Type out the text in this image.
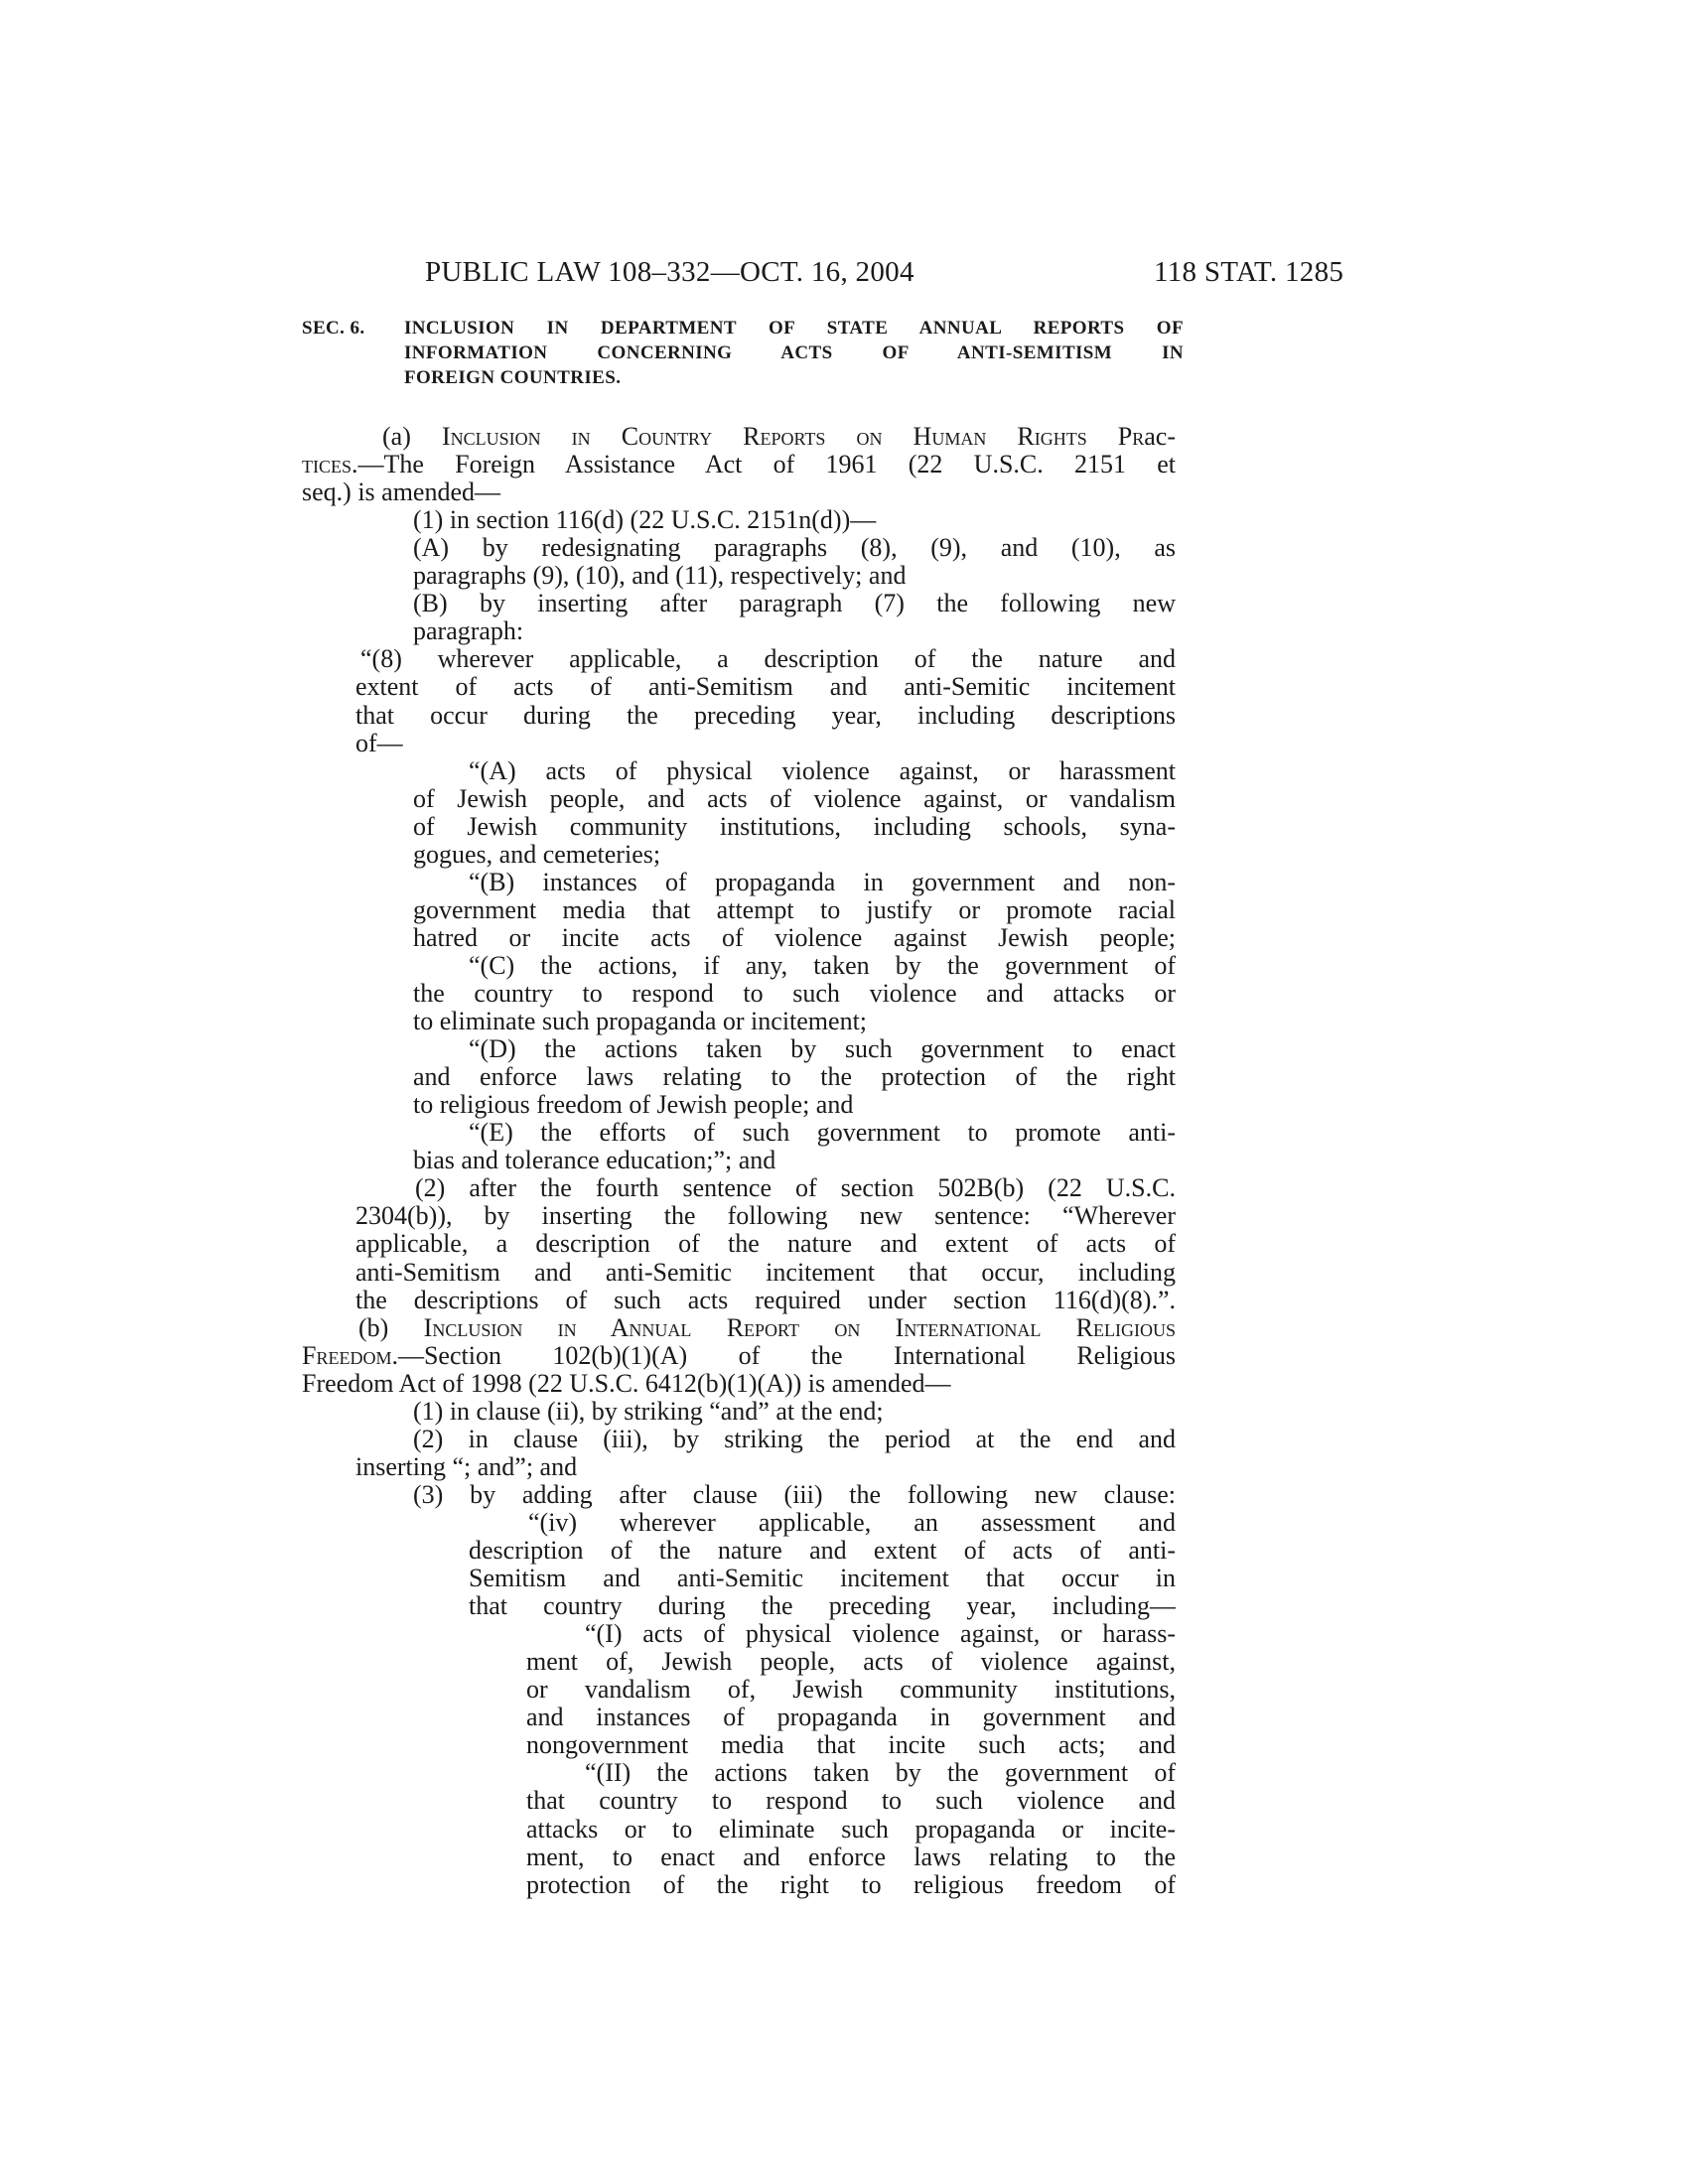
PUBLIC LAW 108–332—OCT. 16, 2004	118 STAT. 1285
SEC. 6.	INCLUSION IN DEPARTMENT OF STATE ANNUAL REPORTS OF
INFORMATION CONCERNING ACTS OF ANTI-SEMITISM IN
FOREIGN COUNTRIES.
(a) Inclusion in Country Reports on Human Rights Prac-
tices.—The Foreign Assistance Act of 1961 (22 U.S.C. 2151 et
seq.) is amended—
(1) in section 116(d) (22 U.S.C. 2151n(d))—
(A) by redesignating paragraphs (8), (9), and (10), as
paragraphs (9), (10), and (11), respectively; and
(B) by inserting after paragraph (7) the following new
paragraph:
“(8) wherever applicable, a description of the nature and
extent of acts of anti-Semitism and anti-Semitic incitement
that occur during the preceding year, including descriptions
of—
“(A) acts of physical violence against, or harassment
of Jewish people, and acts of violence against, or vandalism
of Jewish community institutions, including schools, syna-
gogues, and cemeteries;
“(B) instances of propaganda in government and non-
government media that attempt to justify or promote racial
hatred or incite acts of violence against Jewish people;
“(C) the actions, if any, taken by the government of
the country to respond to such violence and attacks or
to eliminate such propaganda or incitement;
“(D) the actions taken by such government to enact
and enforce laws relating to the protection of the right
to religious freedom of Jewish people; and
“(E) the efforts of such government to promote anti-
bias and tolerance education;”; and
(2) after the fourth sentence of section 502B(b) (22 U.S.C.
2304(b)), by inserting the following new sentence: “Wherever
applicable, a description of the nature and extent of acts of
anti-Semitism and anti-Semitic incitement that occur, including
the descriptions of such acts required under section 116(d)(8).”.
(b) Inclusion in Annual Report on International Religious
Freedom.—Section 102(b)(1)(A) of the International Religious
Freedom Act of 1998 (22 U.S.C. 6412(b)(1)(A)) is amended—
(1) in clause (ii), by striking “and” at the end;
(2) in clause (iii), by striking the period at the end and
inserting “; and”; and
(3) by adding after clause (iii) the following new clause:
“(iv) wherever applicable, an assessment and
description of the nature and extent of acts of anti-
Semitism and anti-Semitic incitement that occur in
that country during the preceding year, including—
“(I) acts of physical violence against, or harass-
ment of, Jewish people, acts of violence against,
or vandalism of, Jewish community institutions,
and instances of propaganda in government and
nongovernment media that incite such acts; and
“(II) the actions taken by the government of
that country to respond to such violence and
attacks or to eliminate such propaganda or incite-
ment, to enact and enforce laws relating to the
protection of the right to religious freedom of
